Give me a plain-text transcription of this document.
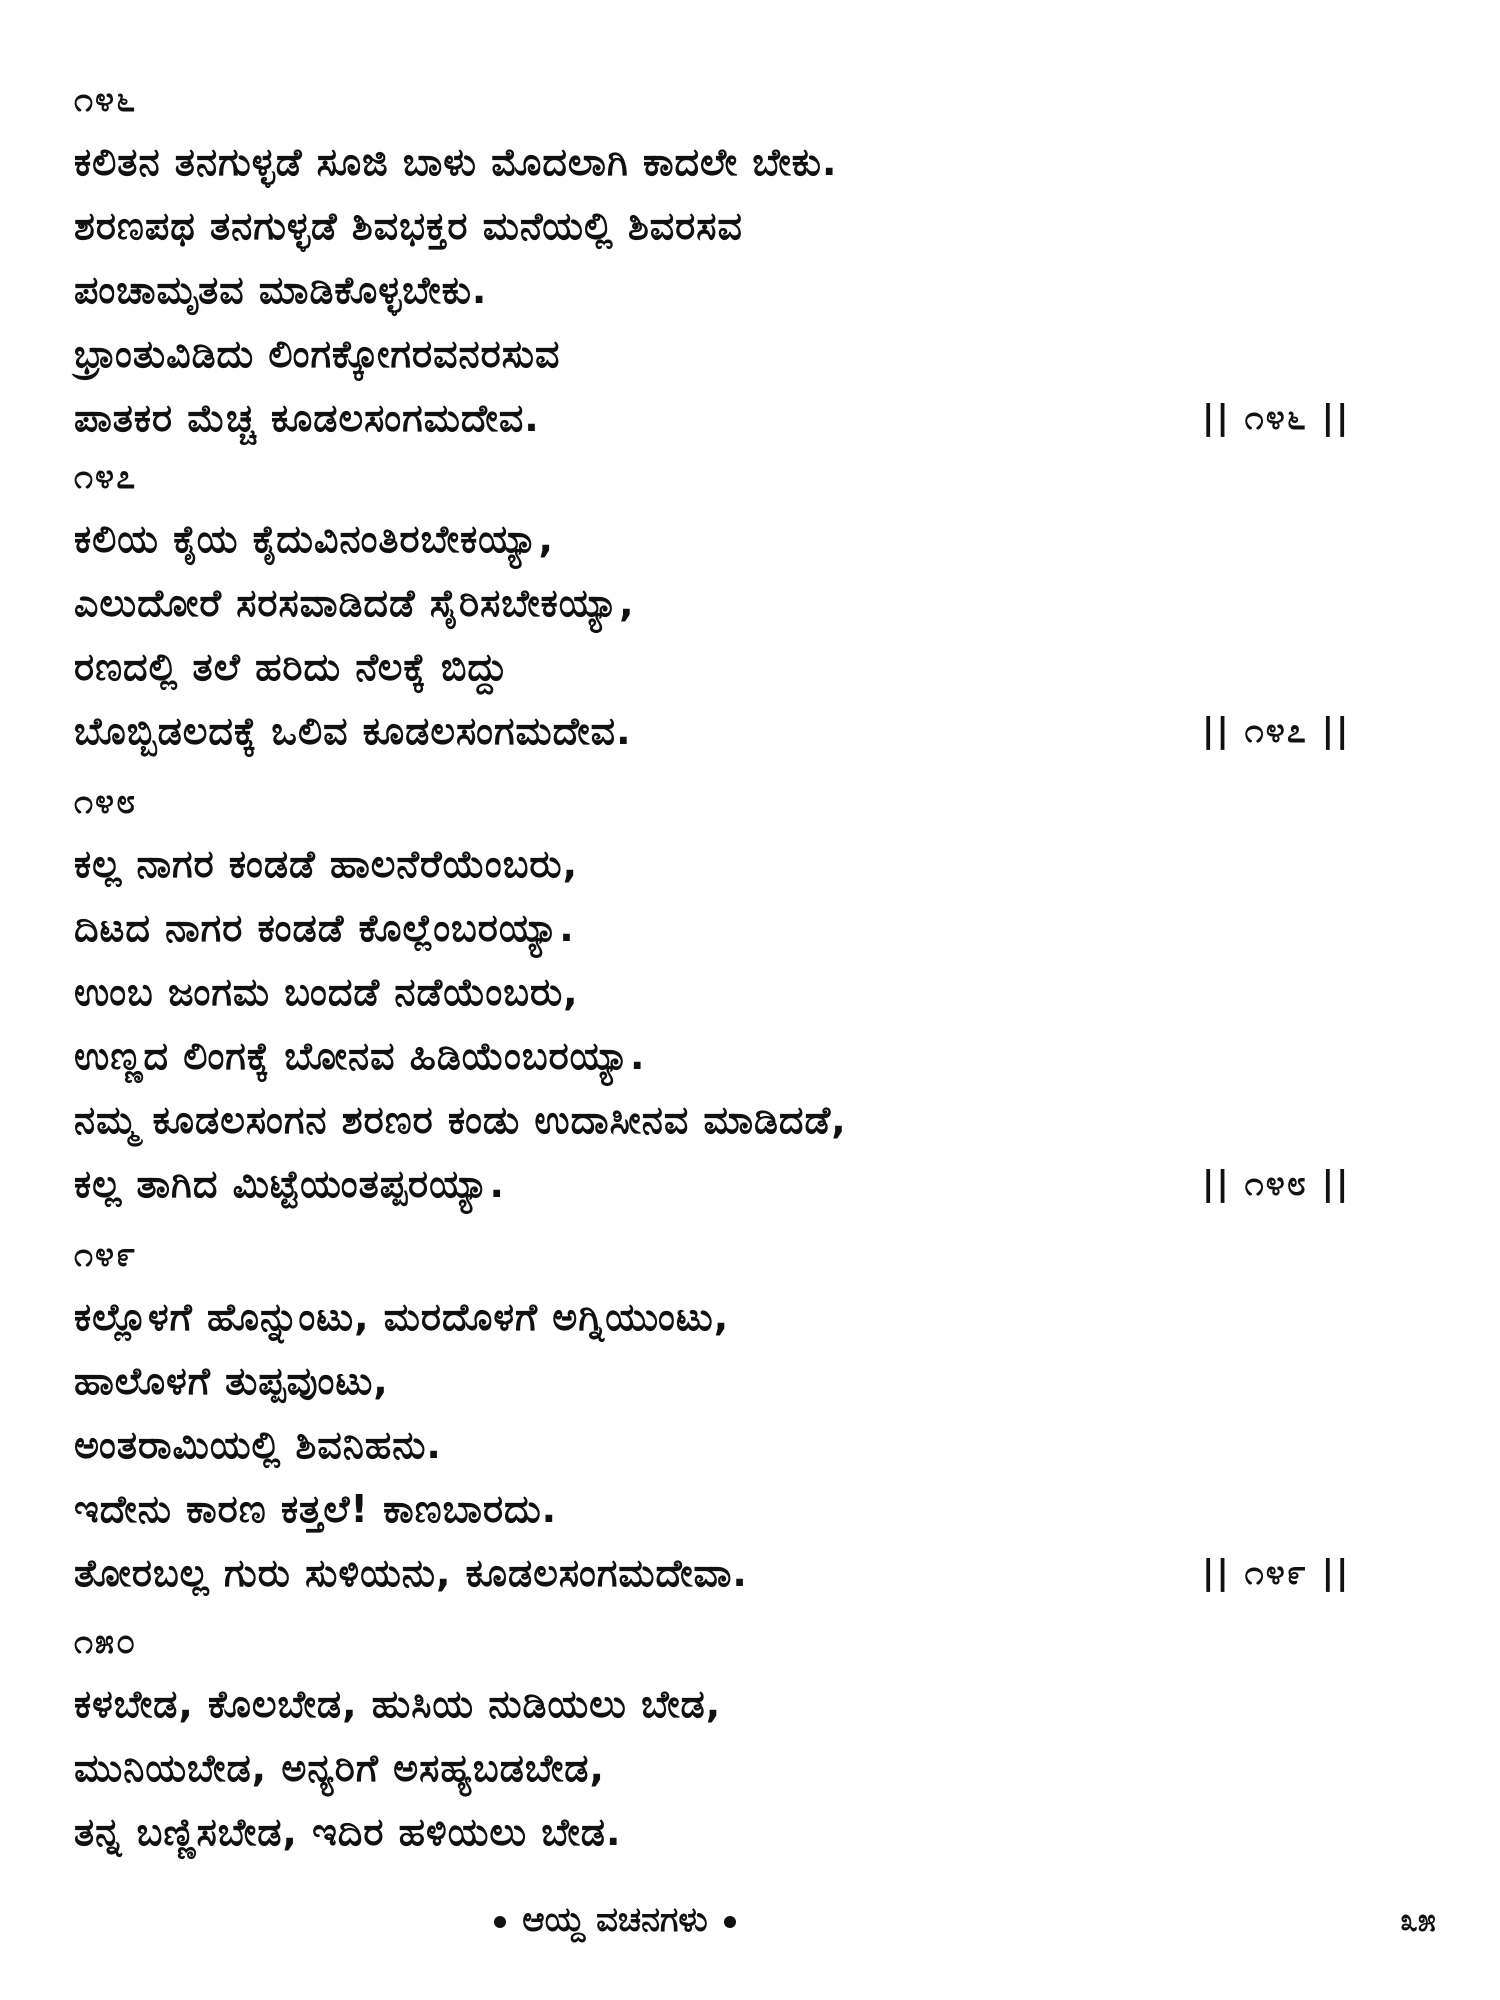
೧೪೬
ಕಲಿತನ ತನಗುಳ್ಳಡೆ ಸೂಜಿ ಬಾಳು ಮೊದಲಾಗಿ ಕಾದಲೇ ಬೇಕು.
ಶರಣಪಥ ತನಗುಳ್ಳಡೆ ಶಿವಭಕ್ತರ ಮನೆಯಲ್ಲಿ ಶಿವರಸವ
ಪಂಚಾಮೃತವ ಮಾಡಿಕೊಳ್ಳಬೇಕು.
ಭ್ರಾಂತುವಿಡಿದು ಲಿಂಗಕ್ಕೋಗರವನರಸುವ
ಪಾತಕರ ಮೆಚ್ಚ ಕೂಡಲಸಂಗಮದೇವ.	|| ೧೪೬ ||
೧೪೭
ಕಲಿಯ ಕೈಯ ಕೈದುವಿನಂತಿರಬೇಕಯ್ಯಾ,
ಎಲುದೋರೆ ಸರಸವಾಡಿದಡೆ ಸೈರಿಸಬೇಕಯ್ಯಾ,
ರಣದಲ್ಲಿ ತಲೆ ಹರಿದು ನೆಲಕ್ಕೆ ಬಿದ್ದು
ಬೊಬ್ಬಿಡಲದಕ್ಕೆ ಒಲಿವ ಕೂಡಲಸಂಗಮದೇವ.	|| ೧೪೭ ||
೧೪೮
ಕಲ್ಲ ನಾಗರ ಕಂಡಡೆ ಹಾಲನೆರೆಯೆಂಬರು,
ದಿಟದ ನಾಗರ ಕಂಡಡೆ ಕೊಲ್ಲೆಂಬರಯ್ಯಾ.
ಉಂಬ ಜಂಗಮ ಬಂದಡೆ ನಡೆಯೆಂಬರು,
ಉಣ್ಣದ ಲಿಂಗಕ್ಕೆ ಬೋನವ ಹಿಡಿಯೆಂಬರಯ್ಯಾ.
ನಮ್ಮ ಕೂಡಲಸಂಗನ ಶರಣರ ಕಂಡು ಉದಾಸೀನವ ಮಾಡಿದಡೆ,
ಕಲ್ಲ ತಾಗಿದ ಮಿಟ್ಟೆಯಂತಪ್ಪರಯ್ಯಾ.	|| ೧೪೮ ||
೧೪೯
ಕಲ್ಲೊಳಗೆ ಹೊನ್ನುಂಟು, ಮರದೊಳಗೆ ಅಗ್ನಿಯುಂಟು,
ಹಾಲೊಳಗೆ ತುಪ್ಪವುಂಟು,
ಅಂತರಾಮಿಯಲ್ಲಿ ಶಿವನಿಹನು.
ಇದೇನು ಕಾರಣ ಕತ್ತಲೆ! ಕಾಣಬಾರದು.
ತೋರಬಲ್ಲ ಗುರು ಸುಳಿಯನು, ಕೂಡಲಸಂಗಮದೇವಾ.	|| ೧೪೯ ||
೧೫೦
ಕಳಬೇಡ, ಕೊಲಬೇಡ, ಹುಸಿಯ ನುಡಿಯಲು ಬೇಡ,
ಮುನಿಯಬೇಡ, ಅನ್ಯರಿಗೆ ಅಸಹ್ಯಬಡಬೇಡ,
ತನ್ನ ಬಣ್ಣಿಸಬೇಡ, ಇದಿರ ಹಳಿಯಲು ಬೇಡ.
ಆಯ್ದ ವಚನಗಳು	೩೫
